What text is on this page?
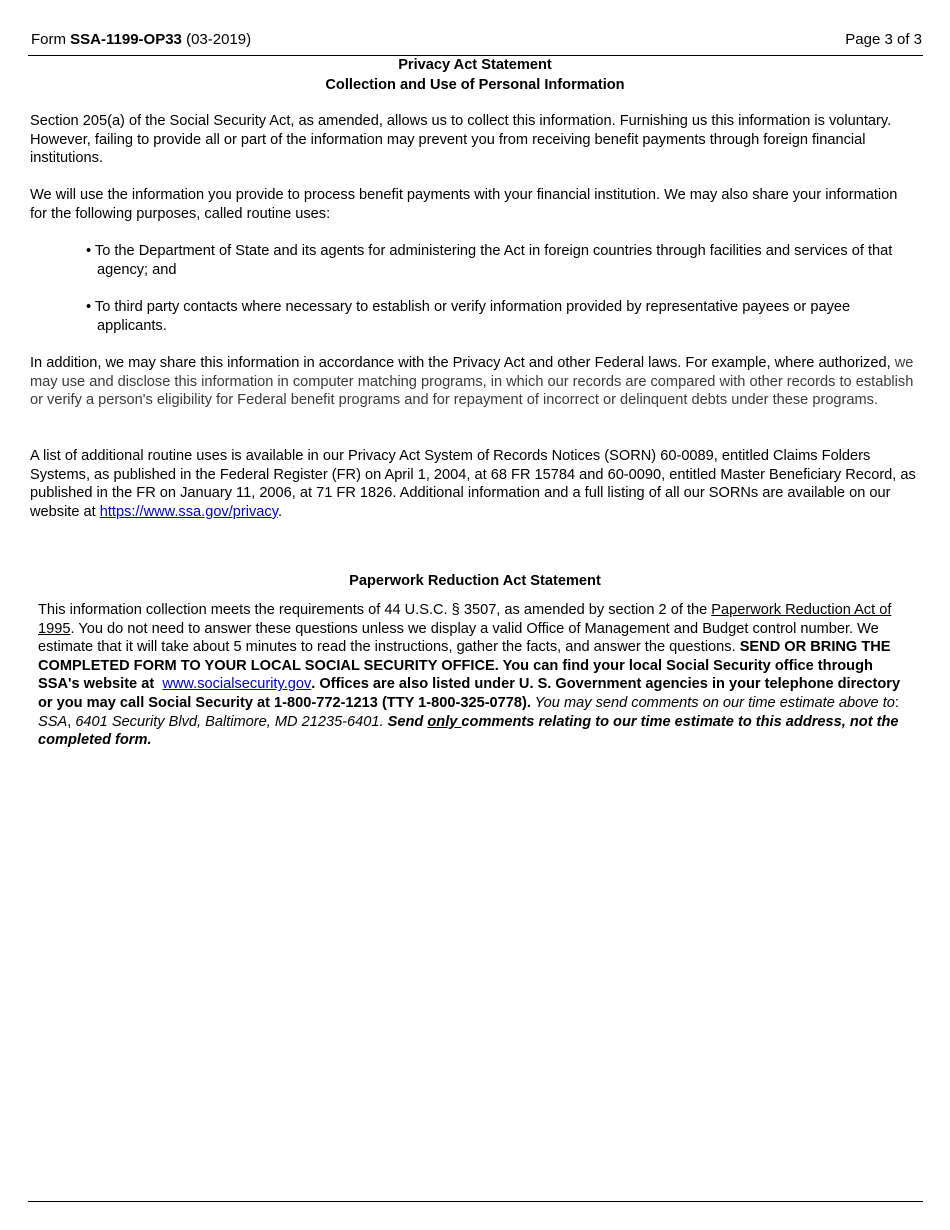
Form SSA-1199-OP33 (03-2019)	Page 3 of 3
Privacy Act Statement
Collection and Use of Personal Information

Section 205(a) of the Social Security Act, as amended, allows us to collect this information. Furnishing us this information is voluntary. However, failing to provide all or part of the information may prevent you from receiving benefit payments through foreign financial institutions.

We will use the information you provide to process benefit payments with your financial institution. We may also share your information for the following purposes, called routine uses:

• To the Department of State and its agents for administering the Act in foreign countries through facilities and services of that agency; and

• To third party contacts where necessary to establish or verify information provided by representative payees or payee applicants.

In addition, we may share this information in accordance with the Privacy Act and other Federal laws. For example, where authorized, we may use and disclose this information in computer matching programs, in which our records are compared with other records to establish or verify a person's eligibility for Federal benefit programs and for repayment of incorrect or delinquent debts under these programs.

A list of additional routine uses is available in our Privacy Act System of Records Notices (SORN) 60-0089, entitled Claims Folders Systems, as published in the Federal Register (FR) on April 1, 2004, at 68 FR 15784 and 60-0090, entitled Master Beneficiary Record, as published in the FR on January 11, 2006, at 71 FR 1826. Additional information and a full listing of all our SORNs are available on our website at https://www.ssa.gov/privacy.

Paperwork Reduction Act Statement

This information collection meets the requirements of 44 U.S.C. § 3507, as amended by section 2 of the Paperwork Reduction Act of 1995. You do not need to answer these questions unless we display a valid Office of Management and Budget control number. We estimate that it will take about 5 minutes to read the instructions, gather the facts, and answer the questions. SEND OR BRING THE COMPLETED FORM TO YOUR LOCAL SOCIAL SECURITY OFFICE. You can find your local Social Security office through SSA's website at  www.socialsecurity.gov. Offices are also listed under U. S. Government agencies in your telephone directory or you may call Social Security at 1-800-772-1213 (TTY 1-800-325-0778). You may send comments on our time estimate above to: SSA, 6401 Security Blvd, Baltimore, MD 21235-6401. Send only comments relating to our time estimate to this address, not the completed form.
